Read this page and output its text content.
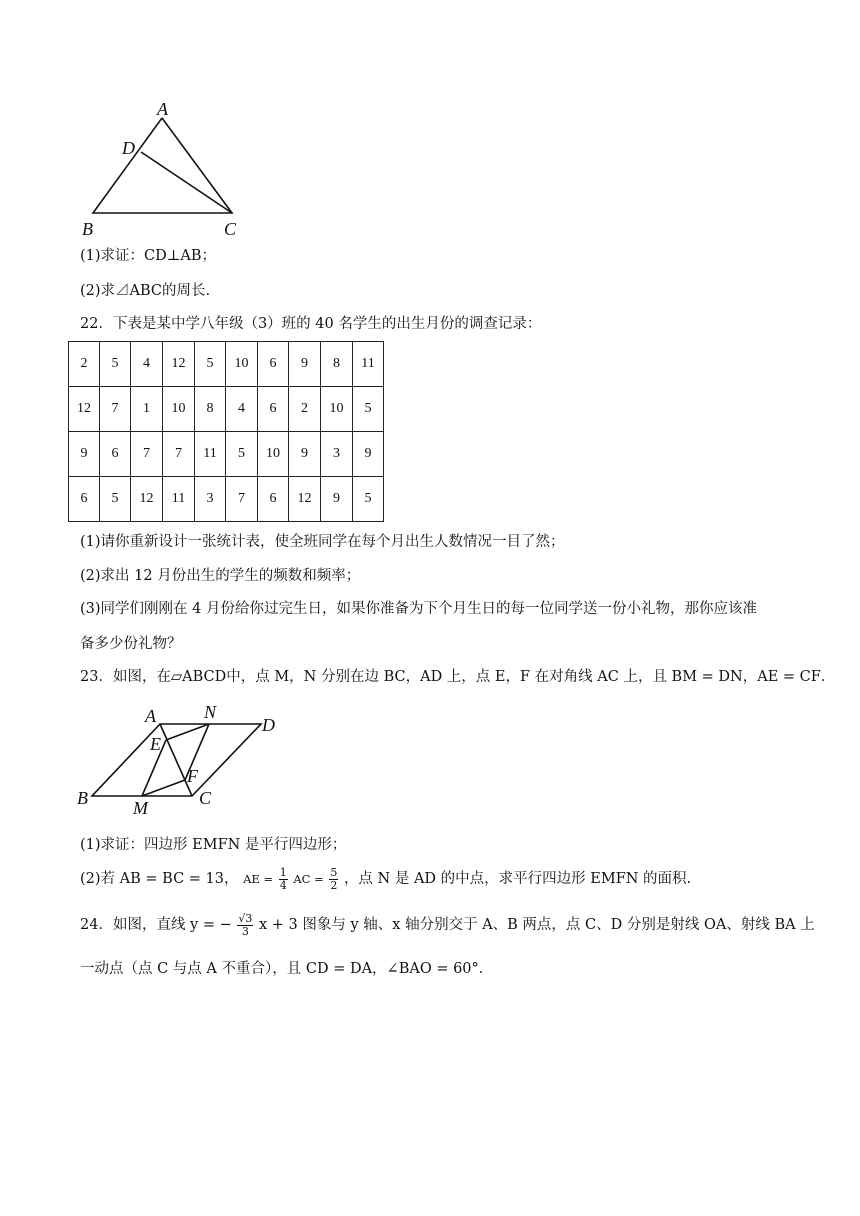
A
D
B	C
(1)求证：CD⊥AB；
(2)求⊿ABC的周长.
22．下表是某中学八年级（3）班的 40 名学生的出生月份的调查记录：
2	5	4	12	5	10	6	9	8	11
12	7	1	10	8	4	6	2	10	5
9	6	7	7	11	5	10	9	3	9
6	5	12	11	3	7	6	12	9	5
(1)请你重新设计一张统计表，使全班同学在每个月出生人数情况一目了然；
(2)求出 12 月份出生的学生的频数和频率；
(3)同学们刚刚在 4 月份给你过完生日，如果你准备为下个月生日的每一位同学送一份小礼物，那你应该准
备多少份礼物？
23．如图，在▱ABCD中，点 M，N 分别在边 BC，AD 上，点 E，F 在对角线 AC 上，且 BM = DN，AE = CF．
A	N
D
E
F
B	M	C
(1)求证：四边形 EMFN 是平行四边形；
(2)若 AB = BC = 13， AE = $\frac{1}{4}$ AC = $\frac{5}{2}$ ，点 N 是 AD 的中点，求平行四边形 EMFN 的面积.
24．如图，直线 y = − $\frac{√3}{3}$ x + 3 图象与 y 轴、x 轴分别交于 A、B 两点，点 C、D 分别是射线 OA、射线 BA 上
一动点（点 C 与点 A 不重合），且 CD = DA，∠BAO = 60°．
